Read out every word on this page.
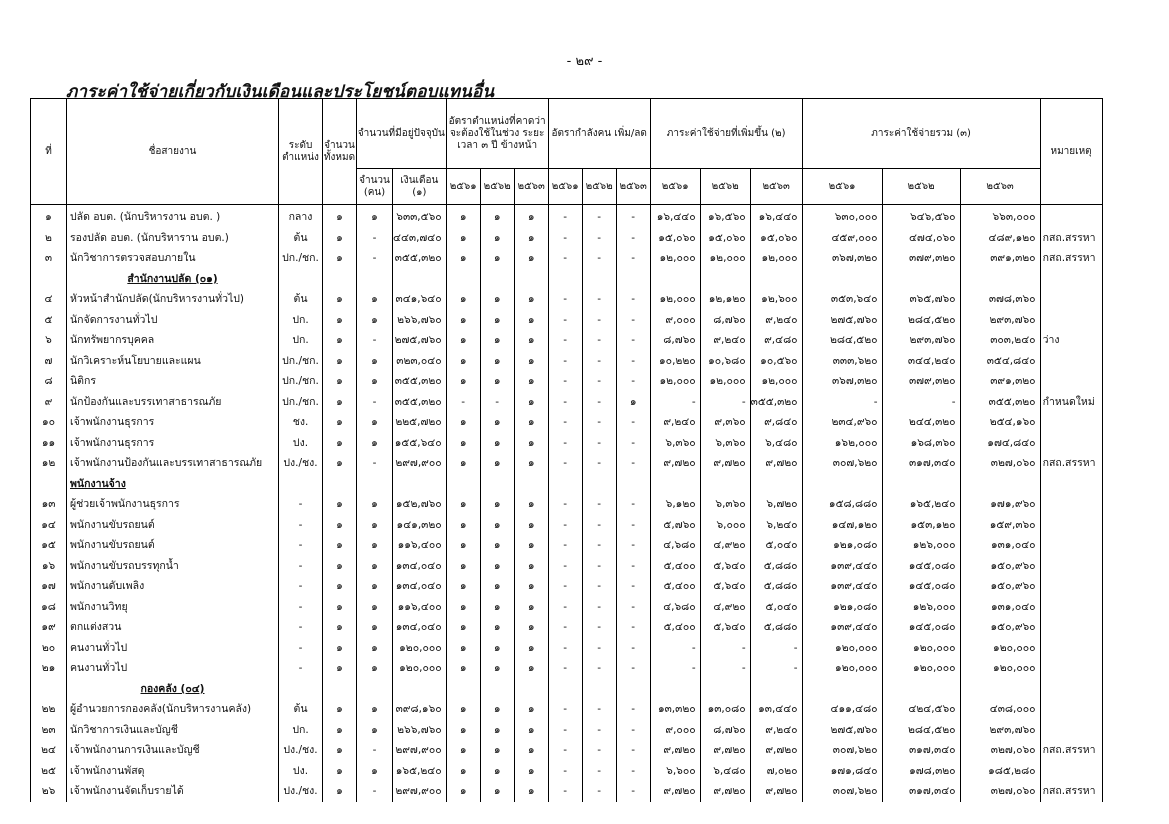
- ๒๙ -
ภาระค่าใช้จ่ายเกี่ยวกับเงินเดือนและประโยชน์ตอบแทนอื่น
ที่	ชื่อสายงาน	ระดับ ตำแหน่ง	จำนวน ทั้งหมด	จำนวนที่มีอยู่ปัจจุบัน		อัตราตำแหน่งที่คาดว่า จะต้องใช้ในช่วง ระยะเวลา ๓ ปี ข้างหน้า			อัตรากำลังคน เพิ่ม/ลด			ภาระค่าใช้จ่ายที่เพิ่มขึ้น (๒)			ภาระค่าใช้จ่ายรวม (๓)			หมายเหตุ

				จำนวน (คน)	เงินเดือน (๑)	๒๕๖๑	๒๕๖๒	๒๕๖๓	๒๕๖๑	๒๕๖๒	๒๕๖๓	๒๕๖๑	๒๕๖๒	๒๕๖๓	๒๕๖๑	๒๕๖๒	๒๕๖๓	
๑	ปลัด อบต. (นักบริหารงาน อบต. )	กลาง	๑	๑	๖๓๓,๕๖๐	๑	๑	๑	-	-	-	๑๖,๔๔๐	๑๖,๕๖๐	๑๖,๔๔๐	๖๓๐,๐๐๐	๖๔๖,๕๖๐	๖๖๓,๐๐๐	
๒	รองปลัด อบต. (นักบริหาราน อบต.)	ต้น	๑	-	๔๔๓,๗๔๐	๑	๑	๑	-	-	-	๑๕,๐๖๐	๑๕,๐๖๐	๑๕,๐๖๐	๔๕๙,๐๐๐	๔๗๔,๐๖๐	๔๘๙,๑๒๐	กสถ.สรรหา
๓	นักวิชาการตรวจสอบภายใน	ปก./ชก.	๑	-	๓๕๕,๓๒๐	๑	๑	๑	-	-	-	๑๒,๐๐๐	๑๒,๐๐๐	๑๒,๐๐๐	๓๖๗,๓๒๐	๓๗๙,๓๒๐	๓๙๑,๓๒๐	กสถ.สรรหา
	สำนักงานปลัด (๐๑)																	
๔	หัวหน้าสำนักปลัด(นักบริหารงานทั่วไป)	ต้น	๑	๑	๓๔๑,๖๔๐	๑	๑	๑	-	-	-	๑๒,๐๐๐	๑๒,๑๒๐	๑๒,๖๐๐	๓๕๓,๖๔๐	๓๖๕,๗๖๐	๓๗๘,๓๖๐	
๕	นักจัดการงานทั่วไป	ปก.	๑	๑	๒๖๖,๗๖๐	๑	๑	๑	-	-	-	๙,๐๐๐	๘,๗๖๐	๙,๒๔๐	๒๗๕,๗๖๐	๒๘๔,๕๒๐	๒๙๓,๗๖๐	
๖	นักทรัพยากรบุคคล	ปก.	๑	-	๒๗๕,๗๖๐	๑	๑	๑	-	-	-	๘,๗๖๐	๙,๒๔๐	๙,๔๘๐	๒๘๔,๕๒๐	๒๙๓,๗๖๐	๓๐๓,๒๔๐	ว่าง
๗	นักวิเคราะห์นโยบายและแผน	ปก./ชก.	๑	๑	๓๒๓,๐๔๐	๑	๑	๑	-	-	-	๑๐,๒๒๐	๑๐,๖๘๐	๑๐,๕๖๐	๓๓๓,๖๒๐	๓๔๔,๒๔๐	๓๕๔,๘๔๐	
๘	นิติกร	ปก./ชก.	๑	๑	๓๕๕,๓๒๐	๑	๑	๑	-	-	-	๑๒,๐๐๐	๑๒,๐๐๐	๑๒,๐๐๐	๓๖๗,๓๒๐	๓๗๙,๓๒๐	๓๙๑,๓๒๐	
๙	นักป้องกันและบรรเทาสาธารณภัย	ปก./ชก.	๑	-	๓๕๕,๓๒๐	-	-	๑	-	-	๑	-	-	๓๕๕,๓๒๐	-	-	๓๕๕,๓๒๐	กำหนดใหม่
๑๐	เจ้าพนักงานธุรการ	ชง.	๑	๑	๒๒๕,๗๒๐	๑	๑	๑	-	-	-	๙,๒๔๐	๙,๓๖๐	๙,๘๔๐	๒๓๔,๙๖๐	๒๔๔,๓๒๐	๒๕๔,๑๖๐	
๑๑	เจ้าพนักงานธุรการ	ปง.	๑	๑	๑๕๕,๖๔๐	๑	๑	๑	-	-	-	๖,๓๖๐	๖,๓๖๐	๖,๔๘๐	๑๖๒,๐๐๐	๑๖๘,๓๖๐	๑๗๔,๘๔๐	
๑๒	เจ้าพนักงานป้องกันและบรรเทาสาธารณภัย	ปง./ชง.	๑	-	๒๙๗,๙๐๐	๑	๑	๑	-	-	-	๙,๗๒๐	๙,๗๒๐	๙,๗๒๐	๓๐๗,๖๒๐	๓๑๗,๓๔๐	๓๒๗,๐๖๐	กสถ.สรรหา
	พนักงานจ้าง																	
๑๓	ผู้ช่วยเจ้าพนักงานธุรการ	-	๑	๑	๑๕๒,๗๖๐	๑	๑	๑	-	-	-	๖,๑๒๐	๖,๓๖๐	๖,๗๒๐	๑๕๘,๘๘๐	๑๖๕,๒๔๐	๑๗๑,๙๖๐	
๑๔	พนักงานขับรถยนต์	-	๑	๑	๑๔๑,๓๒๐	๑	๑	๑	-	-	-	๕,๗๖๐	๖,๐๐๐	๖,๒๔๐	๑๔๗,๑๒๐	๑๕๓,๑๒๐	๑๕๙,๓๖๐	
๑๕	พนักงานขับรถยนต์	-	๑	๑	๑๑๖,๔๐๐	๑	๑	๑	-	-	-	๔,๖๘๐	๔,๙๒๐	๕,๐๔๐	๑๒๑,๐๘๐	๑๒๖,๐๐๐	๑๓๑,๐๔๐	
๑๖	พนักงานขับรถบรรทุกน้ำ	-	๑	๑	๑๓๔,๐๔๐	๑	๑	๑	-	-	-	๕,๔๐๐	๕,๖๔๐	๕,๘๘๐	๑๓๙,๔๔๐	๑๔๕,๐๘๐	๑๕๐,๙๖๐	
๑๗	พนักงานดับเพลิง	-	๑	๑	๑๓๔,๐๔๐	๑	๑	๑	-	-	-	๕,๔๐๐	๕,๖๔๐	๕,๘๘๐	๑๓๙,๔๔๐	๑๔๕,๐๘๐	๑๕๐,๙๖๐	
๑๘	พนักงานวิทยุ	-	๑	๑	๑๑๖,๔๐๐	๑	๑	๑	-	-	-	๔,๖๘๐	๔,๙๒๐	๕,๐๔๐	๑๒๑,๐๘๐	๑๒๖,๐๐๐	๑๓๑,๐๔๐	
๑๙	ตกแต่งสวน	-	๑	๑	๑๓๔,๐๔๐	๑	๑	๑	-	-	-	๕,๔๐๐	๕,๖๔๐	๕,๘๘๐	๑๓๙,๔๔๐	๑๔๕,๐๘๐	๑๕๐,๙๖๐	
๒๐	คนงานทั่วไป	-	๑	๑	๑๒๐,๐๐๐	๑	๑	๑	-	-	-	-	-	-	๑๒๐,๐๐๐	๑๒๐,๐๐๐	๑๒๐,๐๐๐	
๒๑	คนงานทั่วไป	-	๑	๑	๑๒๐,๐๐๐	๑	๑	๑	-	-	-	-	-	-	๑๒๐,๐๐๐	๑๒๐,๐๐๐	๑๒๐,๐๐๐	
	กองคลัง (๐๔)																	
๒๒	ผู้อำนวยการกองคลัง(นักบริหารงานคลัง)	ต้น	๑	๑	๓๙๘,๑๖๐	๑	๑	๑	-	-	-	๑๓,๓๒๐	๑๓,๐๘๐	๑๓,๔๔๐	๔๑๑,๔๘๐	๔๒๔,๕๖๐	๔๓๘,๐๐๐	
๒๓	นักวิชาการเงินและบัญชี	ปก.	๑	๑	๒๖๖,๗๖๐	๑	๑	๑	-	-	-	๙,๐๐๐	๘,๗๖๐	๙,๒๔๐	๒๗๕,๗๖๐	๒๘๔,๕๒๐	๒๙๓,๗๖๐	
๒๔	เจ้าพนักงานการเงินและบัญชี	ปง./ชง.	๑	-	๒๙๗,๙๐๐	๑	๑	๑	-	-	-	๙,๗๒๐	๙,๗๒๐	๙,๗๒๐	๓๐๗,๖๒๐	๓๑๗,๓๔๐	๓๒๗,๐๖๐	กสถ.สรรหา
๒๕	เจ้าพนักงานพัสดุ	ปง.	๑	๑	๑๖๕,๒๔๐	๑	๑	๑	-	-	-	๖,๖๐๐	๖,๔๘๐	๗,๐๒๐	๑๗๑,๘๔๐	๑๗๘,๓๒๐	๑๘๕,๒๘๐	
๒๖	เจ้าพนักงานจัดเก็บรายได้	ปง./ชง.	๑	-	๒๙๗,๙๐๐	๑	๑	๑	-	-	-	๙,๗๒๐	๙,๗๒๐	๙,๗๒๐	๓๐๗,๖๒๐	๓๑๗,๓๔๐	๓๒๗,๐๖๐	กสถ.สรรหา
